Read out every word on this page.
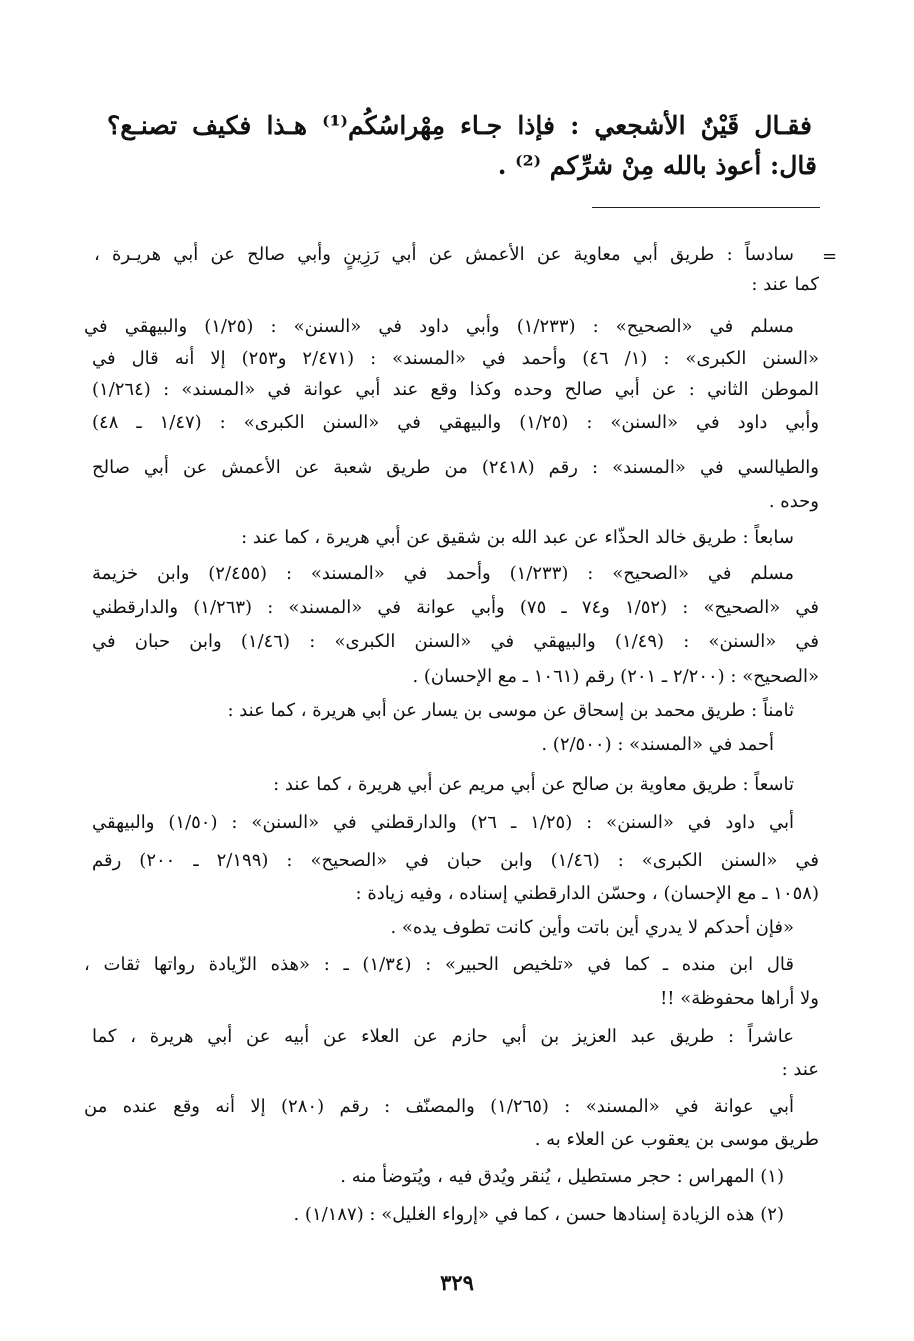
فقـال قَيْنٌ الأشجعي : فإذا جـاء مِهْراسُكُم⁽¹⁾ هـذا فكيف تصنـع؟
قال: أعوذ بالله مِنْ شرِّكم ⁽²⁾ .
=
سادساً : طريق أبي معاوية عن الأعمش عن أبي رَزِينٍ وأبي صالح عن أبي هريـرة ،
كما عند :
مسلم في «الصحيح» : (١/٢٣٣) وأبي داود في «السنن» : (١/٢٥) والبيهقي في
«السنن الكبرى» : (١/ ٤٦) وأحمد في «المسند» : (٢/٤٧١ و٢٥٣) إلا أنه قال في
الموطن الثاني : عن أبي صالح وحده وكذا وقع عند أبي عوانة في «المسند» : (١/٢٦٤)
وأبي داود في «السنن» : (١/٢٥) والبيهقي في «السنن الكبرى» : (١/٤٧ ـ ٤٨)
والطيالسي في «المسند» : رقم (٢٤١٨) من طريق شعبة عن الأعمش عن أبي صالح
وحده .
سابعاً : طريق خالد الحذّاء عن عبد الله بن شقيق عن أبي هريرة ، كما عند :
مسلم في «الصحيح» : (١/٢٣٣) وأحمد في «المسند» : (٢/٤٥٥) وابن خزيمة
في «الصحيح» : (١/٥٢ و٧٤ ـ ٧٥) وأبي عوانة في «المسند» : (١/٢٦٣) والدارقطني
في «السنن» : (١/٤٩) والبيهقي في «السنن الكبرى» : (١/٤٦) وابن حبان في
«الصحيح» : (٢/٢٠٠ ـ ٢٠١) رقم (١٠٦١ ـ مع الإحسان) .
ثامناً : طريق محمد بن إسحاق عن موسى بن يسار عن أبي هريرة ، كما عند :
أحمد في «المسند» : (٢/٥٠٠) .
تاسعاً : طريق معاوية بن صالح عن أبي مريم عن أبي هريرة ، كما عند :
أبي داود في «السنن» : (١/٢٥ ـ ٢٦) والدارقطني في «السنن» : (١/٥٠) والبيهقي
في «السنن الكبرى» : (١/٤٦) وابن حبان في «الصحيح» : (٢/١٩٩ ـ ٢٠٠) رقم
(١٠٥٨ ـ مع الإحسان) ، وحسّن الدارقطني إسناده ، وفيه زيادة :
«فإن أحدكم لا يدري أين باتت وأين كانت تطوف يده» .
قال ابن منده ـ كما في «تلخيص الحبير» : (١/٣٤) ـ : «هذه الزّيادة رواتها ثقات ،
ولا أراها محفوظة» !!
عاشراً : طريق عبد العزيز بن أبي حازم عن العلاء عن أبيه عن أبي هريرة ، كما
عند :
أبي عوانة في «المسند» : (١/٢٦٥) والمصنّف : رقم (٢٨٠) إلا أنه وقع عنده من
طريق موسى بن يعقوب عن العلاء به .
(١) المهراس : حجر مستطيل ، يُنقر ويُدق فيه ، ويُتوضأ منه .
(٢) هذه الزيادة إسنادها حسن ، كما في «إرواء الغليل» : (١/١٨٧) .
٣٢٩
